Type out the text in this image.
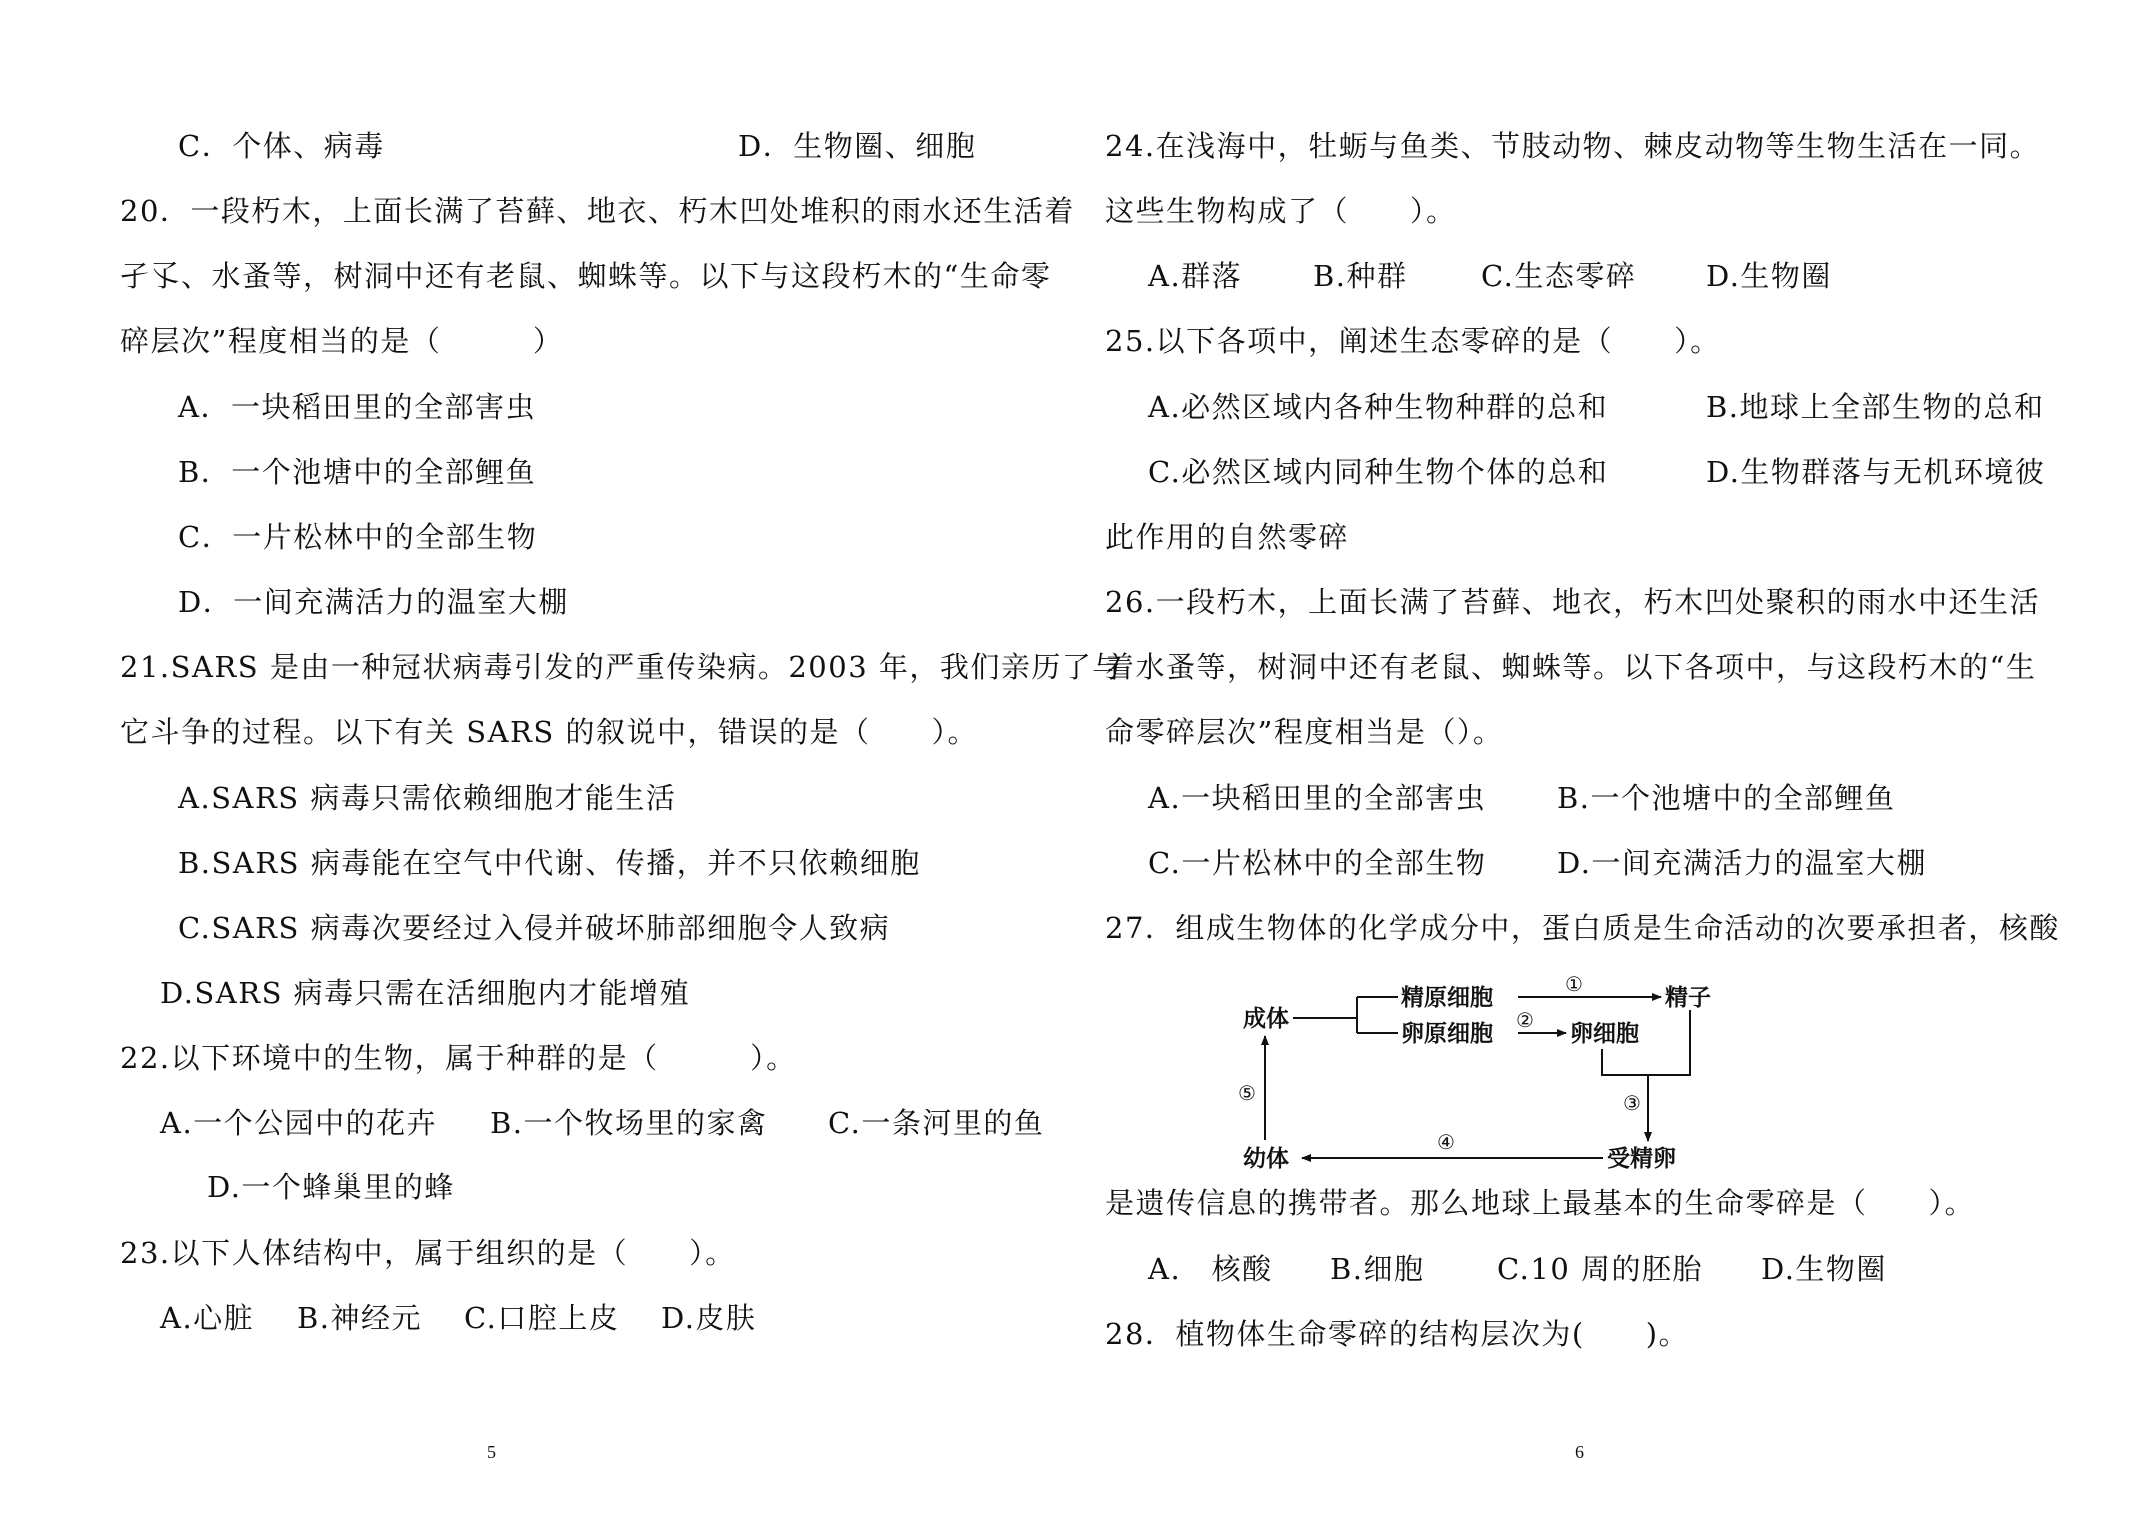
C．个体、病毒	D．生物圈、细胞
20．一段朽木，上面长满了苔藓、地衣、朽木凹处堆积的雨水还生活着
孑孓、水蚤等，树洞中还有老鼠、蜘蛛等。以下与这段朽木的“生命零
碎层次”程度相当的是（　　　）
A．一块稻田里的全部害虫
B．一个池塘中的全部鲤鱼
C．一片松林中的全部生物
D．一间充满活力的温室大棚
21.SARS 是由一种冠状病毒引发的严重传染病。2003 年，我们亲历了与
它斗争的过程。以下有关 SARS 的叙说中，错误的是（　　）。
A.SARS 病毒只需依赖细胞才能生活
B.SARS 病毒能在空气中代谢、传播，并不只依赖细胞
C.SARS 病毒次要经过入侵并破坏肺部细胞令人致病
D.SARS 病毒只需在活细胞内才能增殖
22.以下环境中的生物，属于种群的是（　　　）。
A.一个公园中的花卉 B.一个牧场里的家禽 C.一条河里的鱼
D.一个蜂巢里的蜂
23.以下人体结构中，属于组织的是（　　）。
A.心脏 B.神经元 C.口腔上皮 D.皮肤
24.在浅海中，牡蛎与鱼类、节肢动物、棘皮动物等生物生活在一同。
这些生物构成了（　　）。
A.群落 B.种群	C.生态零碎 D.生物圈
25.以下各项中，阐述生态零碎的是（　　）。
A.必然区域内各种生物种群的总和	B.地球上全部生物的总和
C.必然区域内同种生物个体的总和	D.生物群落与无机环境彼
此作用的自然零碎
26.一段朽木，上面长满了苔藓、地衣，朽木凹处聚积的雨水中还生活
着水蚤等，树洞中还有老鼠、蜘蛛等。以下各项中，与这段朽木的“生
命零碎层次”程度相当是（）。
A.一块稻田里的全部害虫 B.一个池塘中的全部鲤鱼
C.一片松林中的全部生物 D.一间充满活力的温室大棚
27．组成生物体的化学成分中，蛋白质是生命活动的次要承担者，核酸
是遗传信息的携带者。那么地球上最基本的生命零碎是（　　）。
A.　核酸 B.细胞 C.10 周的胚胎 D.生物圈
28．植物体生命零碎的结构层次为(　　)。
成体
精原细胞
卵原细胞
精子
卵细胞
受精卵
幼体
①
②
③
④
⑤
5	6
